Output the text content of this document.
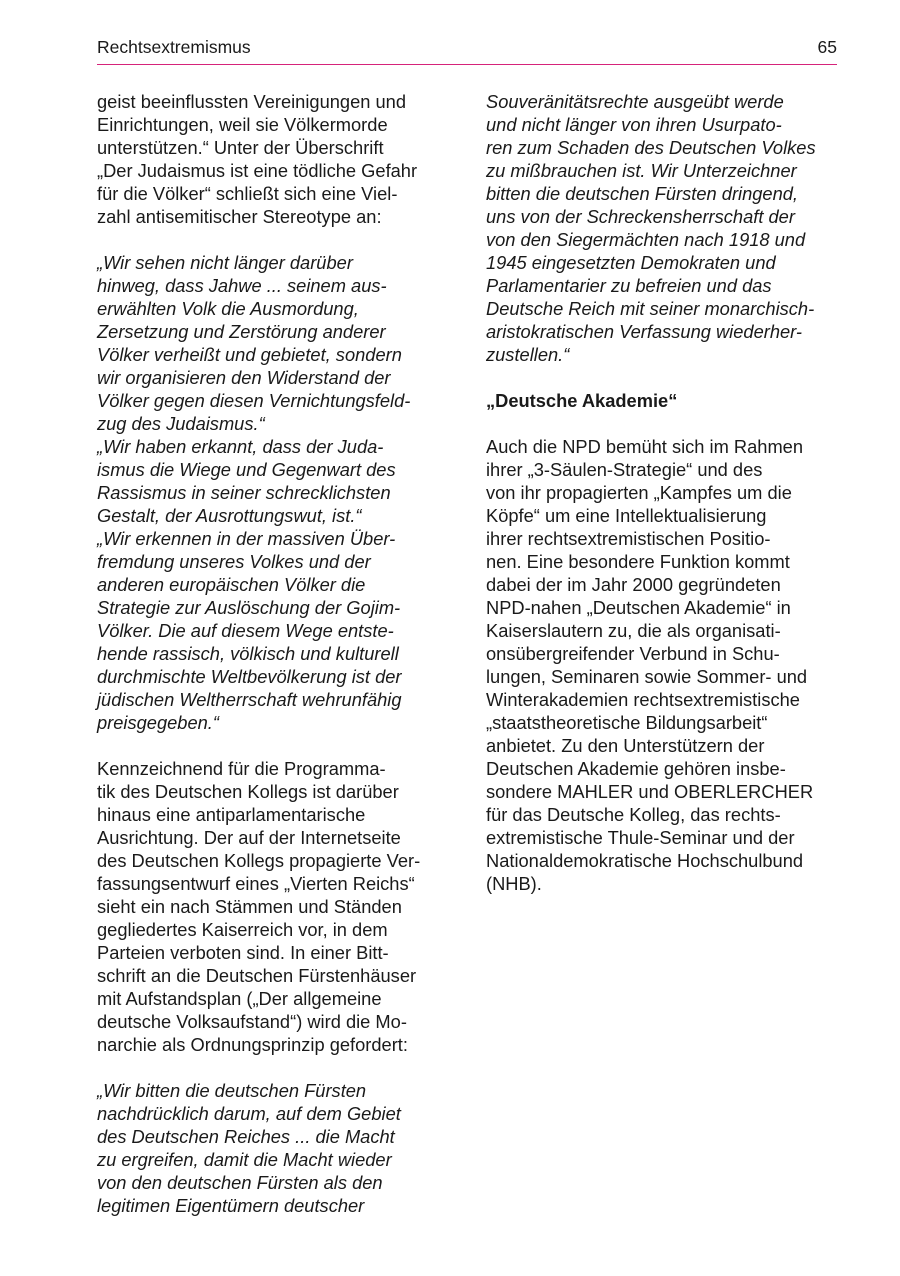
Rechtsextremismus	65
geist beeinflussten Vereinigungen und
Einrichtungen, weil sie Völkermorde
unterstützen.“ Unter der Überschrift
„Der Judaismus ist eine tödliche Gefahr
für die Völker“ schließt sich eine Viel-
zahl antisemitischer Stereotype an:
„Wir sehen nicht länger darüber
hinweg, dass Jahwe ... seinem aus-
erwählten Volk die Ausmordung,
Zersetzung und Zerstörung anderer
Völker verheißt und gebietet, sondern
wir organisieren den Widerstand der
Völker gegen diesen Vernichtungsfeld-
zug des Judaismus.“
„Wir haben erkannt, dass der Juda-
ismus die Wiege und Gegenwart des
Rassismus in seiner schrecklichsten
Gestalt, der Ausrottungswut, ist.“
„Wir erkennen in der massiven Über-
fremdung unseres Volkes und der
anderen europäischen Völker die
Strategie zur Auslöschung der Gojim-
Völker. Die auf diesem Wege entste-
hende rassisch, völkisch und kulturell
durchmischte Weltbevölkerung ist der
jüdischen Weltherrschaft wehrunfähig
preisgegeben.“
Kennzeichnend für die Programma-
tik des Deutschen Kollegs ist darüber
hinaus eine antiparlamentarische
Ausrichtung. Der auf der Internetseite
des Deutschen Kollegs propagierte Ver-
fassungsentwurf eines „Vierten Reichs“
sieht ein nach Stämmen und Ständen
gegliedertes Kaiserreich vor, in dem
Parteien verboten sind. In einer Bitt-
schrift an die Deutschen Fürstenhäuser
mit Aufstandsplan („Der allgemeine
deutsche Volksaufstand“) wird die Mo-
narchie als Ordnungsprinzip gefordert:
„Wir bitten die deutschen Fürsten
nachdrücklich darum, auf dem Gebiet
des Deutschen Reiches ... die Macht
zu ergreifen, damit die Macht wieder
von den deutschen Fürsten als den
legitimen Eigentümern deutscher
Souveränitätsrechte ausgeübt werde
und nicht länger von ihren Usurpato-
ren zum Schaden des Deutschen Volkes
zu mißbrauchen ist. Wir Unterzeichner
bitten die deutschen Fürsten dringend,
uns von der Schreckensherrschaft der
von den Siegermächten nach 1918 und
1945 eingesetzten Demokraten und
Parlamentarier zu befreien und das
Deutsche Reich mit seiner monarchisch-
aristokratischen Verfassung wiederher-
zustellen.“
„Deutsche Akademie“
Auch die NPD bemüht sich im Rahmen
ihrer „3-Säulen-Strategie“ und des
von ihr propagierten „Kampfes um die
Köpfe“ um eine Intellektualisierung
ihrer rechtsextremistischen Positio-
nen. Eine besondere Funktion kommt
dabei der im Jahr 2000 gegründeten
NPD-nahen „Deutschen Akademie“ in
Kaiserslautern zu, die als organisati-
onsübergreifender Verbund in Schu-
lungen, Seminaren sowie Sommer- und
Winterakademien rechtsextremistische
„staatstheoretische Bildungsarbeit“
anbietet. Zu den Unterstützern der
Deutschen Akademie gehören insbe-
sondere MAHLER und OBERLERCHER
für das Deutsche Kolleg, das rechts-
extremistische Thule-Seminar und der
Nationaldemokratische Hochschulbund
(NHB).
